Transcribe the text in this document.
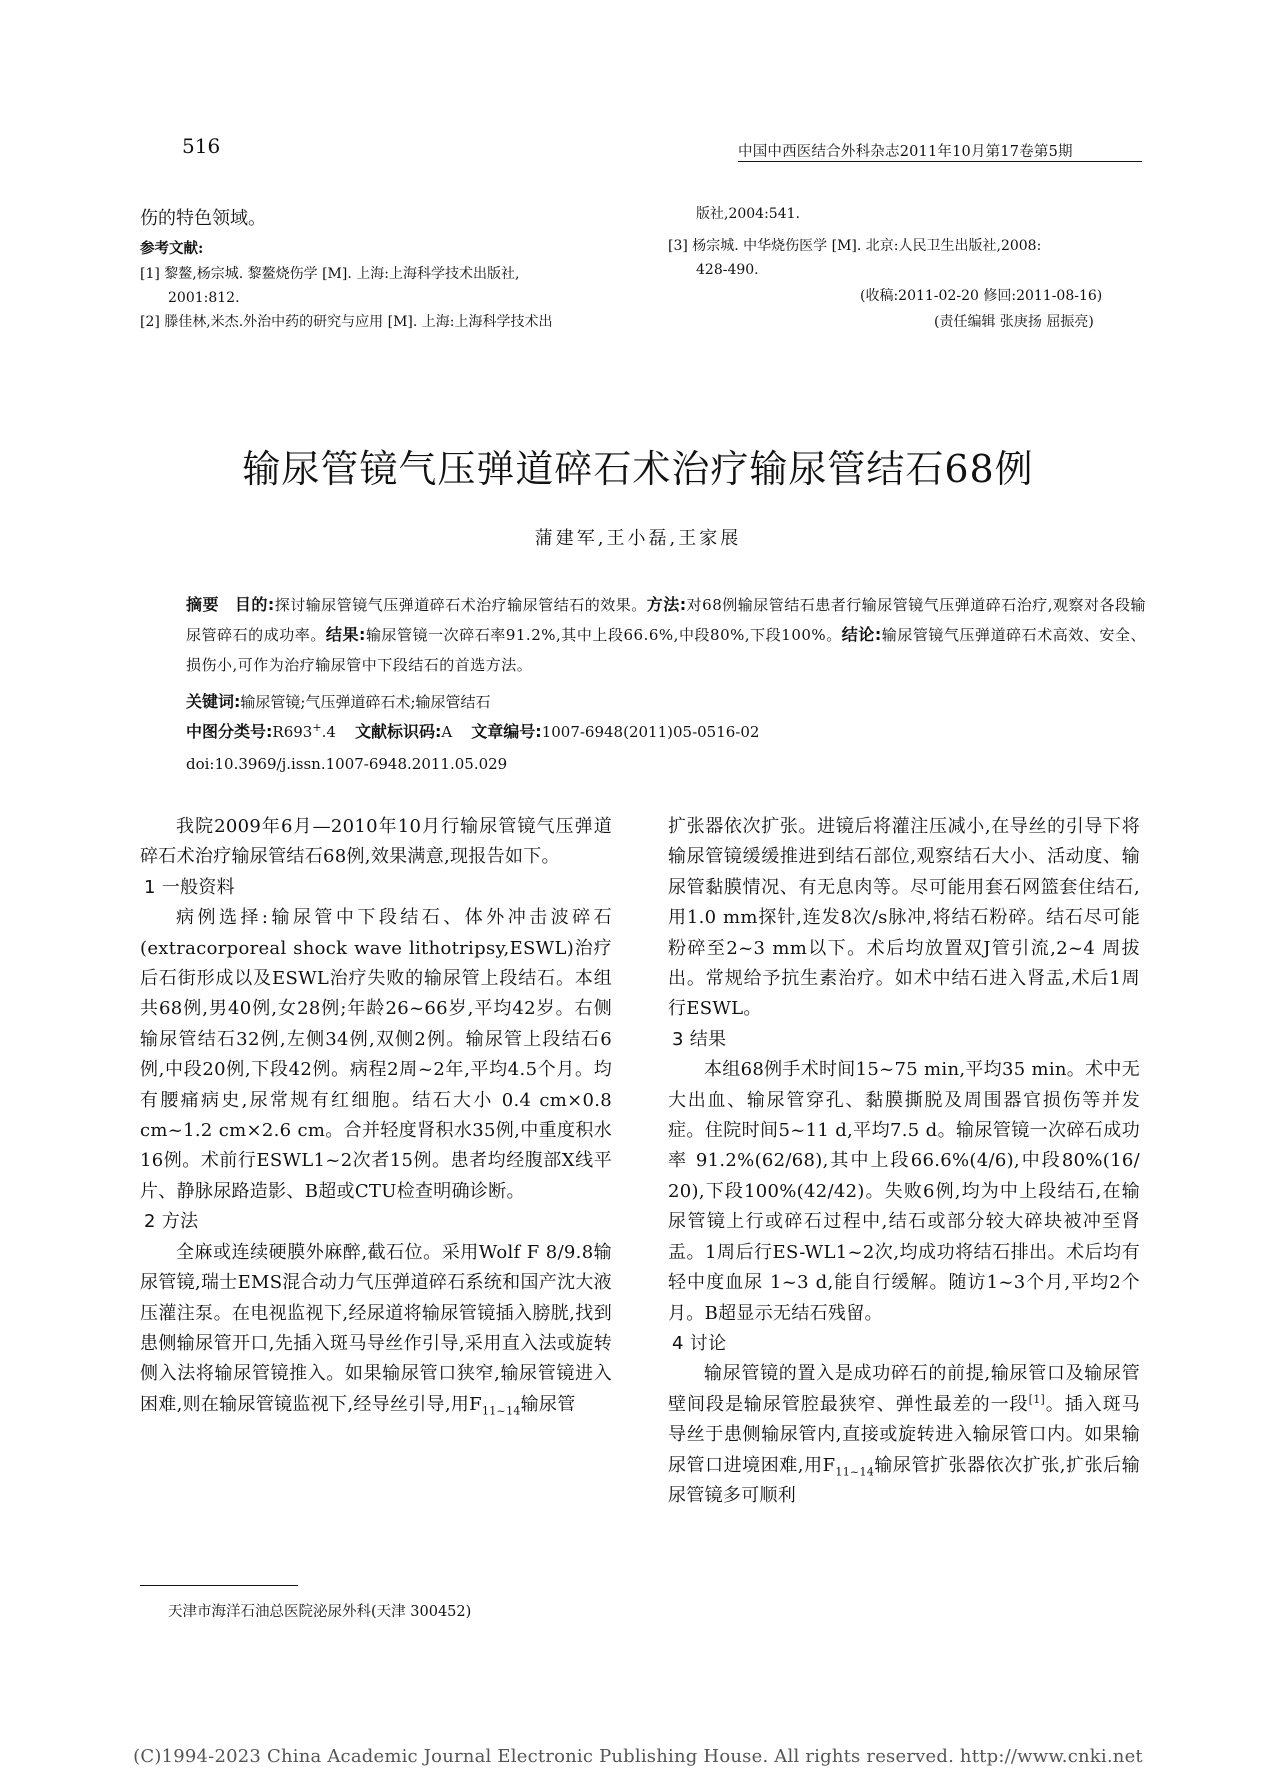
516	中国中西医结合外科杂志2011年10月第17卷第5期
伤的特色领域。
参考文献:
[1] 黎鳌,杨宗城. 黎鳌烧伤学 [M]. 上海:上海科学技术出版社,
2001:812.
[2] 滕佳林,米杰.外治中药的研究与应用 [M]. 上海:上海科学技术出
版社,2004:541.
[3] 杨宗城. 中华烧伤医学 [M]. 北京:人民卫生出版社,2008:
428-490.
(收稿:2011-02-20 修回:2011-08-16)
(责任编辑 张庚扬 屈振亮)
输尿管镜气压弹道碎石术治疗输尿管结石68例
蒲建军,王小磊,王家展
摘要 目的:探讨输尿管镜气压弹道碎石术治疗输尿管结石的效果。方法:对68例输尿管结石患者行输尿管镜气压弹道碎石治疗,观察对各段输尿管碎石的成功率。结果:输尿管镜一次碎石率91.2%,其中上段66.6%,中段80%,下段100%。结论:输尿管镜气压弹道碎石术高效、安全、损伤小,可作为治疗输尿管中下段结石的首选方法。
关键词:输尿管镜;气压弹道碎石术;输尿管结石
中图分类号:R693+.4 文献标识码:A 文章编号:1007-6948(2011)05-0516-02
doi:10.3969/j.issn.1007-6948.2011.05.029

我院2009年6月—2010年10月行输尿管镜气压弹道碎石术治疗输尿管结石68例,效果满意,现报告如下。

1 一般资料

病例选择:输尿管中下段结石、体外冲击波碎石(extracorporeal shock wave lithotripsy,ESWL)治疗后石街形成以及ESWL治疗失败的输尿管上段结石。本组共68例,男40例,女28例;年龄26~66岁,平均42岁。右侧输尿管结石32例,左侧34例,双侧2例。输尿管上段结石6例,中段20例,下段42例。病程2周~2年,平均4.5个月。均有腰痛病史,尿常规有红细胞。结石大小 0.4 cm×0.8 cm~1.2 cm×2.6 cm。合并轻度肾积水35例,中重度积水16例。术前行ESWL1~2次者15例。患者均经腹部X线平片、静脉尿路造影、B超或CTU检查明确诊断。

2 方法

全麻或连续硬膜外麻醉,截石位。采用Wolf F 8/9.8输尿管镜,瑞士EMS混合动力气压弹道碎石系统和国产沈大液压灌注泵。在电视监视下,经尿道将输尿管镜插入膀胱,找到患侧输尿管开口,先插入斑马导丝作引导,采用直入法或旋转侧入法将输尿管镜推入。如果输尿管口狭窄,输尿管镜进入困难,则在输尿管镜监视下,经导丝引导,用$F_{11\sim 14}$输尿管

扩张器依次扩张。进镜后将灌注压减小,在导丝的引导下将输尿管镜缓缓推进到结石部位,观察结石大小、活动度、输尿管黏膜情况、有无息肉等。尽可能用套石网篮套住结石,用1.0 mm探针,连发8次/s脉冲,将结石粉碎。结石尽可能粉碎至2~3 mm以下。术后均放置双J管引流,2~4 周拔出。常规给予抗生素治疗。如术中结石进入肾盂,术后1周行ESWL。

3 结果

本组68例手术时间15~75 min,平均35 min。术中无大出血、输尿管穿孔、黏膜撕脱及周围器官损伤等并发症。住院时间5~11 d,平均7.5 d。输尿管镜一次碎石成功率 91.2%(62/68),其中上段66.6%(4/6),中段80%(16/ 20),下段100%(42/42)。失败6例,均为中上段结石,在输尿管镜上行或碎石过程中,结石或部分较大碎块被冲至肾盂。1周后行ES-WL1~2次,均成功将结石排出。术后均有轻中度血尿 1~3 d,能自行缓解。随访1~3个月,平均2个月。B超显示无结石残留。

4 讨论

输尿管镜的置入是成功碎石的前提,输尿管口及输尿管壁间段是输尿管腔最狭窄、弹性最差的一段[1]。插入斑马导丝于患侧输尿管内,直接或旋转进入输尿管口内。如果输尿管口进境困难,用$F_{11\sim 14}$输尿管扩张器依次扩张,扩张后输尿管镜多可顺利

天津市海洋石油总医院泌尿外科(天津 300452)
(C)1994-2023 China Academic Journal Electronic Publishing House. All rights reserved. http://www.cnki.net
